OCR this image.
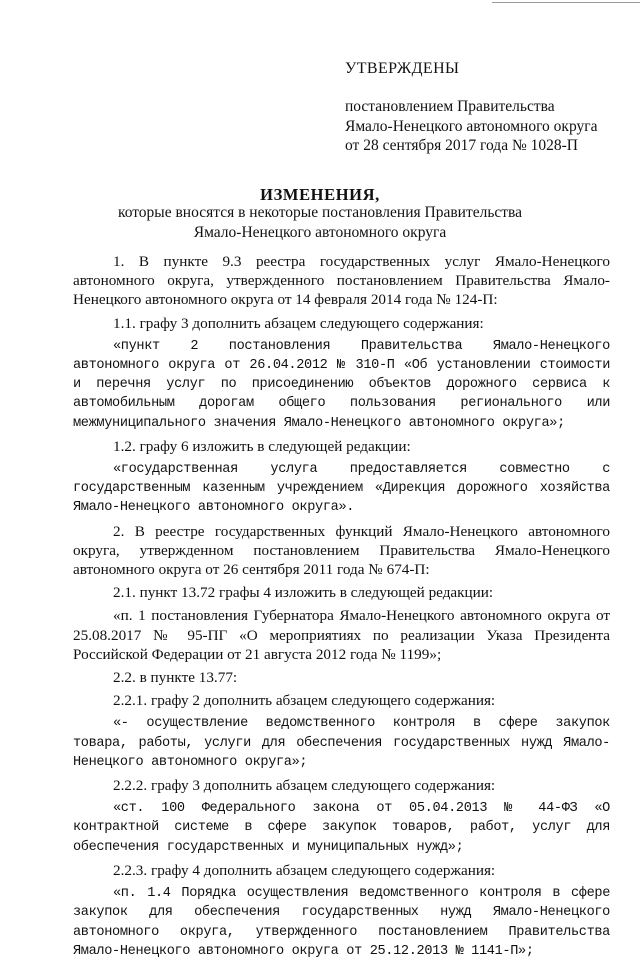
УТВЕРЖДЕНЫ
постановлением Правительства
Ямало-Ненецкого автономного округа
от 28 сентября 2017 года № 1028-П
ИЗМЕНЕНИЯ,
которые вносятся в некоторые постановления Правительства
Ямало-Ненецкого автономного округа

1. В пункте 9.3 реестра государственных услуг Ямало-Ненецкого автономного округа, утвержденного постановлением Правительства Ямало-Ненецкого автономного округа от 14 февраля 2014 года № 124-П:

1.1. графу 3 дополнить абзацем следующего содержания:

«пункт 2 постановления Правительства Ямало-Ненецкого автономного округа от 26.04.2012 № 310-П «Об установлении стоимости и перечня услуг по присоединению объектов дорожного сервиса к автомобильным дорогам общего пользования регионального или межмуниципального значения Ямало-Ненецкого автономного округа»;

1.2. графу 6 изложить в следующей редакции:

«государственная услуга предоставляется совместно с государственным казенным учреждением «Дирекция дорожного хозяйства Ямало-Ненецкого автономного округа».

2. В реестре государственных функций Ямало-Ненецкого автономного округа, утвержденном постановлением Правительства Ямало-Ненецкого автономного округа от 26 сентября 2011 года № 674-П:

2.1. пункт 13.72 графы 4 изложить в следующей редакции:

«п. 1 постановления Губернатора Ямало-Ненецкого автономного округа от 25.08.2017 № 95-ПГ «О мероприятиях по реализации Указа Президента Российской Федерации от 21 августа 2012 года № 1199»;

2.2. в пункте 13.77:

2.2.1. графу 2 дополнить абзацем следующего содержания:

«- осуществление ведомственного контроля в сфере закупок товара, работы, услуги для обеспечения государственных нужд Ямало-Ненецкого автономного округа»;

2.2.2. графу 3 дополнить абзацем следующего содержания:

«ст. 100 Федерального закона от 05.04.2013 № 44-ФЗ «О контрактной системе в сфере закупок товаров, работ, услуг для обеспечения государственных и муниципальных нужд»;

2.2.3. графу 4 дополнить абзацем следующего содержания:

«п. 1.4 Порядка осуществления ведомственного контроля в сфере закупок для обеспечения государственных нужд Ямало-Ненецкого автономного округа, утвержденного постановлением Правительства Ямало-Ненецкого автономного округа от 25.12.2013 № 1141-П»;
